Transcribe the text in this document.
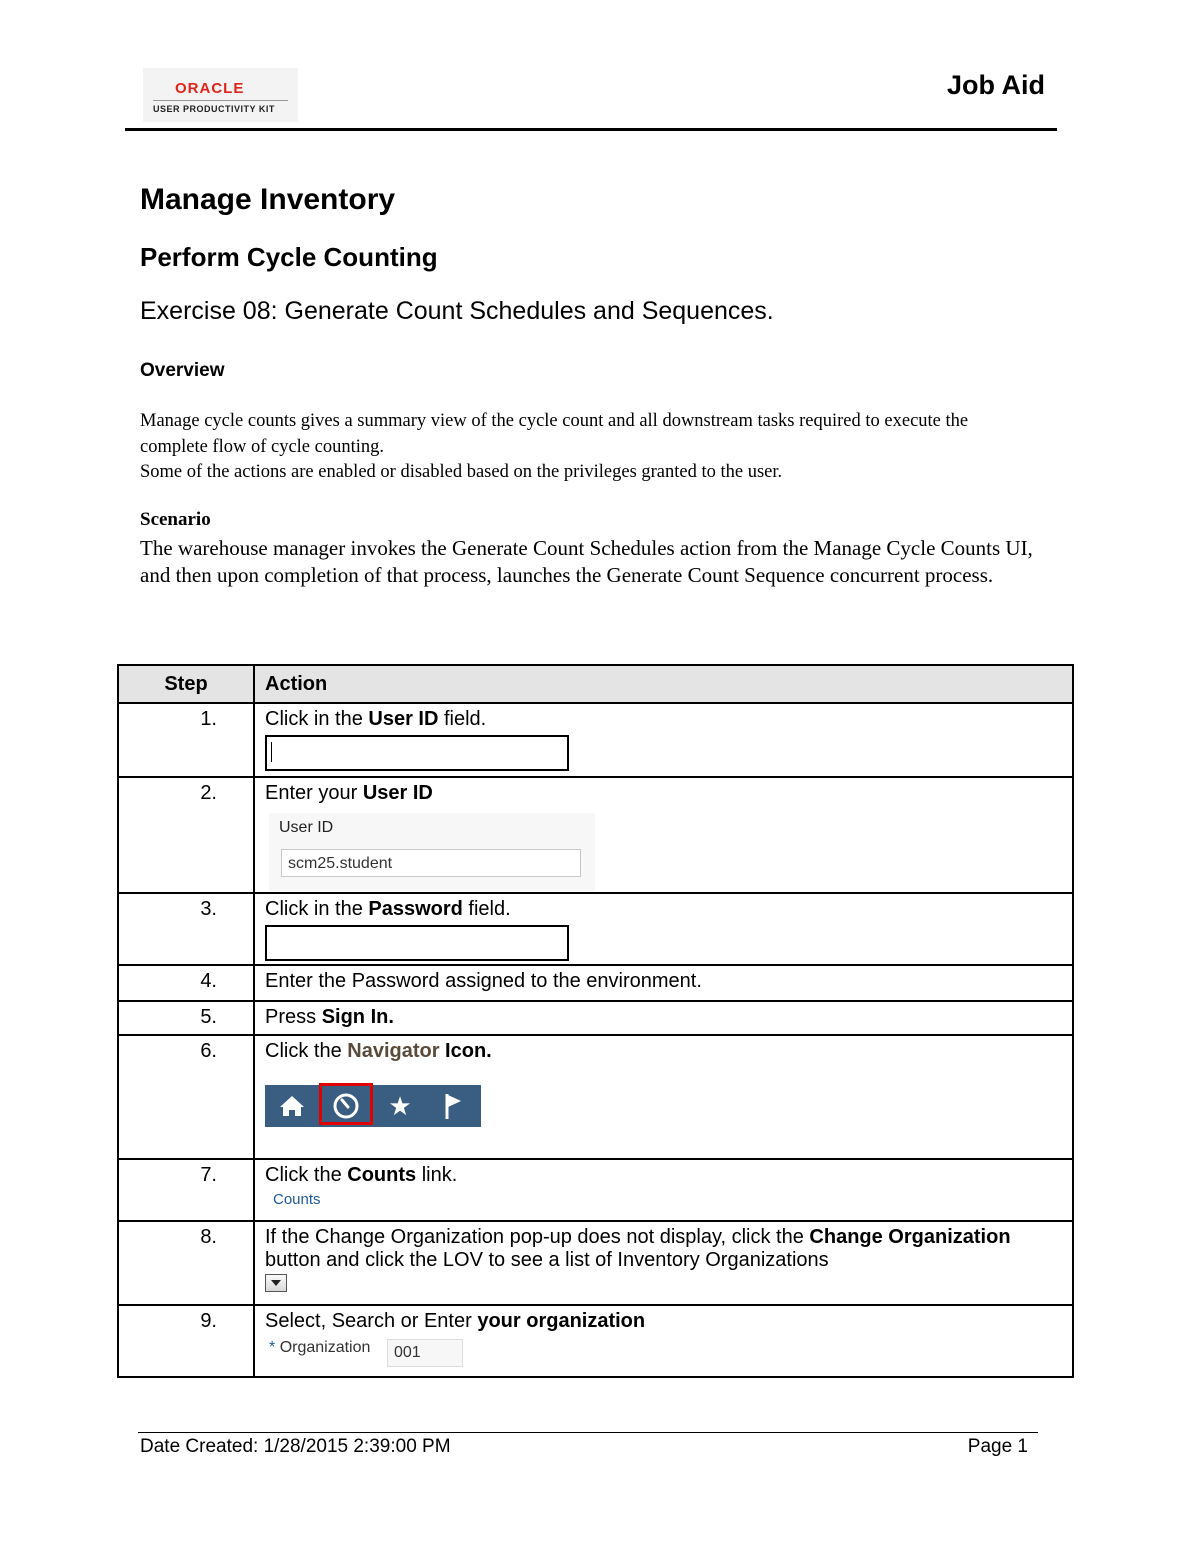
ORACLE
USER PRODUCTIVITY KIT
Job Aid
Manage Inventory
Perform Cycle Counting
Exercise 08: Generate Count Schedules and Sequences.
Overview
Manage cycle counts gives a summary view of the cycle count and all downstream tasks required to execute the complete flow of cycle counting.
Some of the actions are enabled or disabled based on the privileges granted to the user.
Scenario
The warehouse manager invokes the Generate Count Schedules action from the Manage Cycle Counts UI, and then upon completion of that process, launches the Generate Count Sequence concurrent process.
Step	Action
1.	Click in the User ID field.

2.	Enter your User ID
User ID
scm25.student

3.	Click in the Password field.

4.	Enter the Password assigned to the environment.
5.	Press Sign In.
6.	Click the Navigator Icon.
★

7.	Click the Counts link.
Counts

8.	If the Change Organization pop-up does not display, click the Change Organization button and click the LOV to see a list of Inventory Organizations

9.	Select, Search or Enter your organization
* Organization 001
Date Created: 1/28/2015 2:39:00 PM	Page 1
